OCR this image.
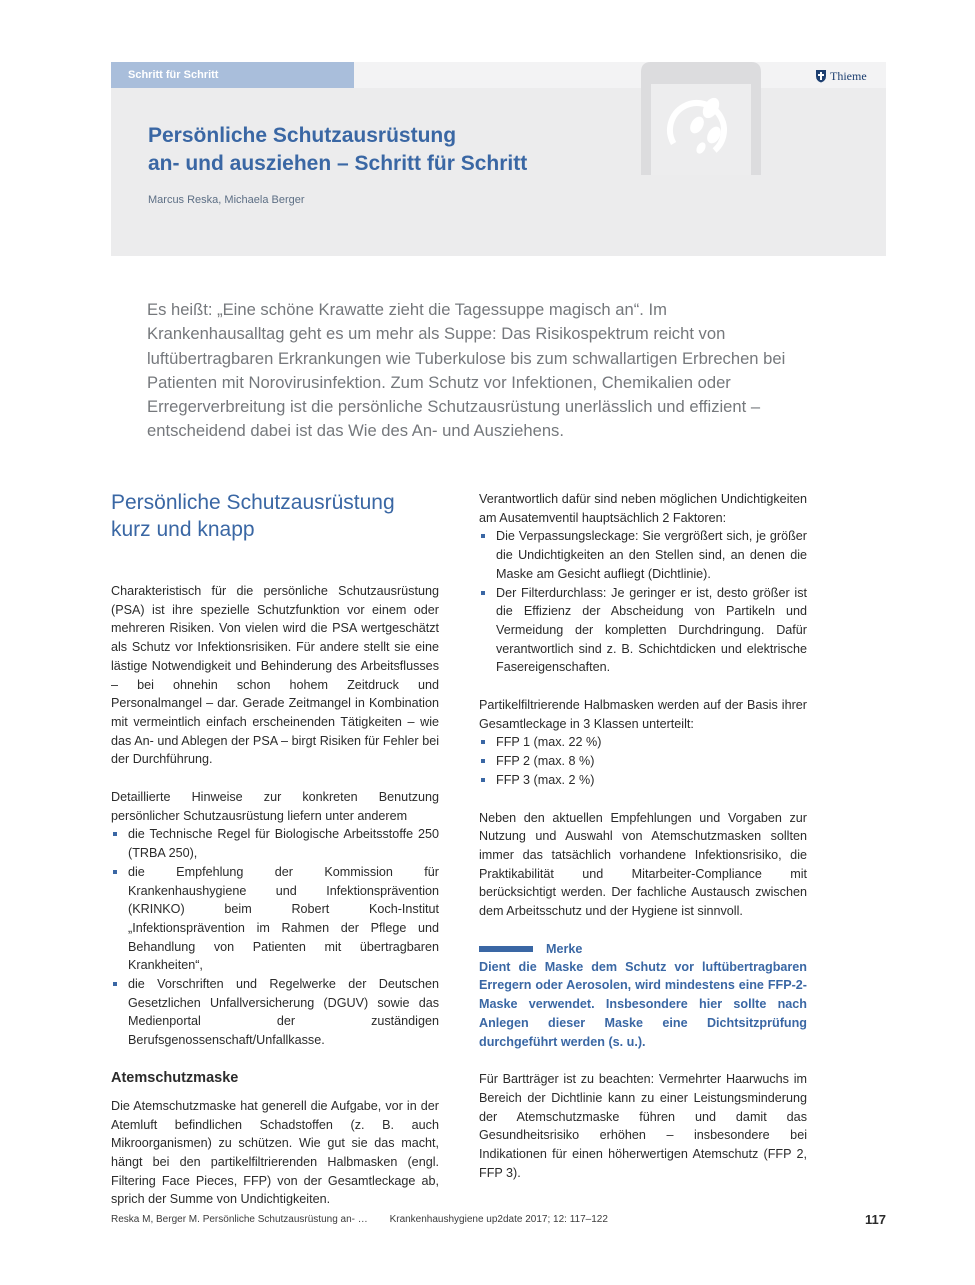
Schritt für Schritt	Thieme
Persönliche Schutzausrüstung
an- und ausziehen – Schritt für Schritt
Marcus Reska, Michaela Berger

Es heißt: „Eine schöne Krawatte zieht die Tagessuppe magisch an“. Im Krankenhausalltag geht es um mehr als Suppe: Das Risikospektrum reicht von luftübertragbaren Erkrankungen wie Tuberkulose bis zum schwallartigen Erbrechen bei Patienten mit Norovirusinfektion. Zum Schutz vor Infektionen, Chemikalien oder Erregerverbreitung ist die persönliche Schutzausrüstung unerlässlich und effizient – entscheidend dabei ist das Wie des An- und Ausziehens.

Persönliche Schutzausrüstung
kurz und knapp

Charakteristisch für die persönliche Schutzausrüstung (PSA) ist ihre spezielle Schutzfunktion vor einem oder mehreren Risiken. Von vielen wird die PSA wertgeschätzt als Schutz vor Infektionsrisiken. Für andere stellt sie eine lästige Notwendigkeit und Behinderung des Arbeitsflusses – bei ohnehin schon hohem Zeitdruck und Personalmangel – dar. Gerade Zeitmangel in Kombination mit vermeintlich einfach erscheinenden Tätigkeiten – wie das An- und Ablegen der PSA – birgt Risiken für Fehler bei der Durchführung.

Detaillierte Hinweise zur konkreten Benutzung persönlicher Schutzausrüstung liefern unter anderem

die Technische Regel für Biologische Arbeitsstoffe 250 (TRBA 250),
die Empfehlung der Kommission für Krankenhaushygiene und Infektionsprävention (KRINKO) beim Robert Koch-Institut „Infektionsprävention im Rahmen der Pflege und Behandlung von Patienten mit übertragbaren Krankheiten“,
die Vorschriften und Regelwerke der Deutschen Gesetzlichen Unfallversicherung (DGUV) sowie das Medienportal der zuständigen Berufsgenossenschaft/Unfallkasse.
Atemschutzmaske

Die Atemschutzmaske hat generell die Aufgabe, vor in der Atemluft befindlichen Schadstoffen (z. B. auch Mikroorganismen) zu schützen. Wie gut sie das macht, hängt bei den partikelfiltrierenden Halbmasken (engl. Filtering Face Pieces, FFP) von der Gesamtleckage ab, sprich der Summe von Undichtigkeiten.

Verantwortlich dafür sind neben möglichen Undichtigkeiten am Ausatemventil hauptsächlich 2 Faktoren:

Die Verpassungsleckage: Sie vergrößert sich, je größer die Undichtigkeiten an den Stellen sind, an denen die Maske am Gesicht aufliegt (Dichtlinie).
Der Filterdurchlass: Je geringer er ist, desto größer ist die Effizienz der Abscheidung von Partikeln und Vermeidung der kompletten Durchdringung. Dafür verantwortlich sind z. B. Schichtdicken und elektrische Fasereigenschaften.

Partikelfiltrierende Halbmasken werden auf der Basis ihrer Gesamtleckage in 3 Klassen unterteilt:

FFP 1 (max. 22 %)
FFP 2 (max. 8 %)
FFP 3 (max. 2 %)

Neben den aktuellen Empfehlungen und Vorgaben zur Nutzung und Auswahl von Atemschutzmasken sollten immer das tatsächlich vorhandene Infektionsrisiko, die Praktikabilität und Mitarbeiter-Compliance mit berücksichtigt werden. Der fachliche Austausch zwischen dem Arbeitsschutz und der Hygiene ist sinnvoll.

Merke

Dient die Maske dem Schutz vor luftübertragbaren Erregern oder Aerosolen, wird mindestens eine FFP-2-Maske verwendet. Insbesondere hier sollte nach Anlegen dieser Maske eine Dichtsitzprüfung durchgeführt werden (s. u.).

Für Bartträger ist zu beachten: Vermehrter Haarwuchs im Bereich der Dichtlinie kann zu einer Leistungsminderung der Atemschutzmaske führen und damit das Gesundheitsrisiko erhöhen – insbesondere bei Indikationen für einen höherwertigen Atemschutz (FFP 2, FFP 3).

Reska M, Berger M. Persönliche Schutzausrüstung an- … Krankenhaushygiene up2date 2017; 12: 117–122	117
